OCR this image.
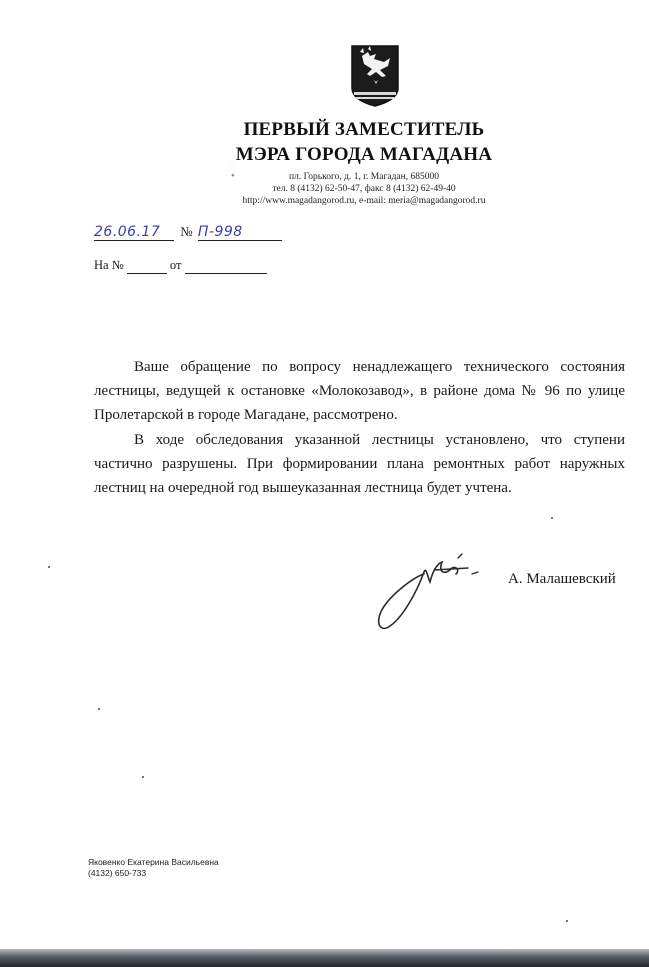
•
ПЕРВЫЙ ЗАМЕСТИТЕЛЬ
МЭРА ГОРОДА МАГАДАНА
пл. Горького, д. 1, г. Магадан, 685000
тел. 8 (4132) 62-50-47, факс 8 (4132) 62-49-40
http://www.magadangorod.ru, e-mail: meria@magadangorod.ru
26.06.17 № П-998
На №	от

Ваше обращение по вопросу ненадлежащего технического состояния лестницы, ведущей к остановке «Молокозавод», в районе дома № 96 по улице Пролетарской в городе Магадане, рассмотрено.

В ходе обследования указанной лестницы установлено, что ступени частично разрушены. При формировании плана ремонтных работ наружных лестниц на очередной год вышеуказанная лестница будет учтена.

А. Малашевский
Яковенко Екатерина Васильевна
(4132) 650-733
